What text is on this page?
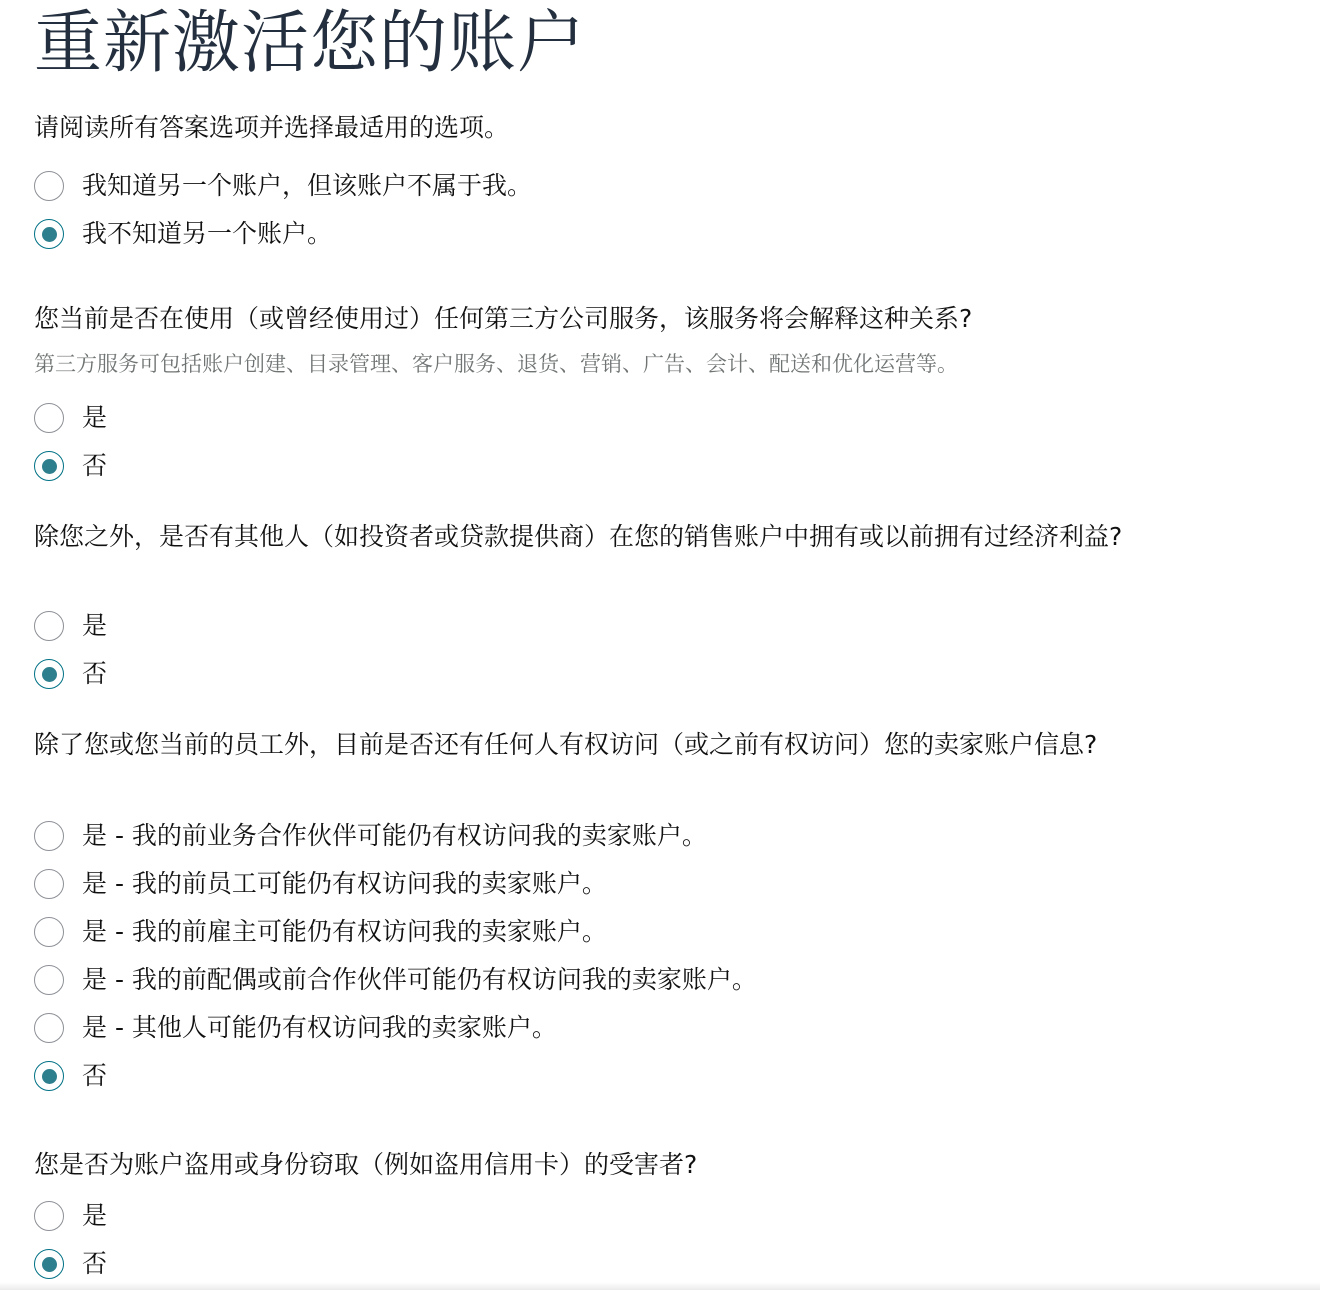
重新激活您的账户
请阅读所有答案选项并选择最适用的选项。
我知道另一个账户，但该账户不属于我。
我不知道另一个账户。

您当前是否在使用（或曾经使用过）任何第三方公司服务，该服务将会解释这种关系?

第三方服务可包括账户创建、目录管理、客户服务、退货、营销、广告、会计、配送和优化运营等。
是
否

除您之外，是否有其他人（如投资者或贷款提供商）在您的销售账户中拥有或以前拥有过经济利益?

是
否

除了您或您当前的员工外，目前是否还有任何人有权访问（或之前有权访问）您的卖家账户信息?

是 - 我的前业务合作伙伴可能仍有权访问我的卖家账户。
是 - 我的前员工可能仍有权访问我的卖家账户。
是 - 我的前雇主可能仍有权访问我的卖家账户。
是 - 我的前配偶或前合作伙伴可能仍有权访问我的卖家账户。
是 - 其他人可能仍有权访问我的卖家账户。
否

您是否为账户盗用或身份窃取（例如盗用信用卡）的受害者?

是
否
